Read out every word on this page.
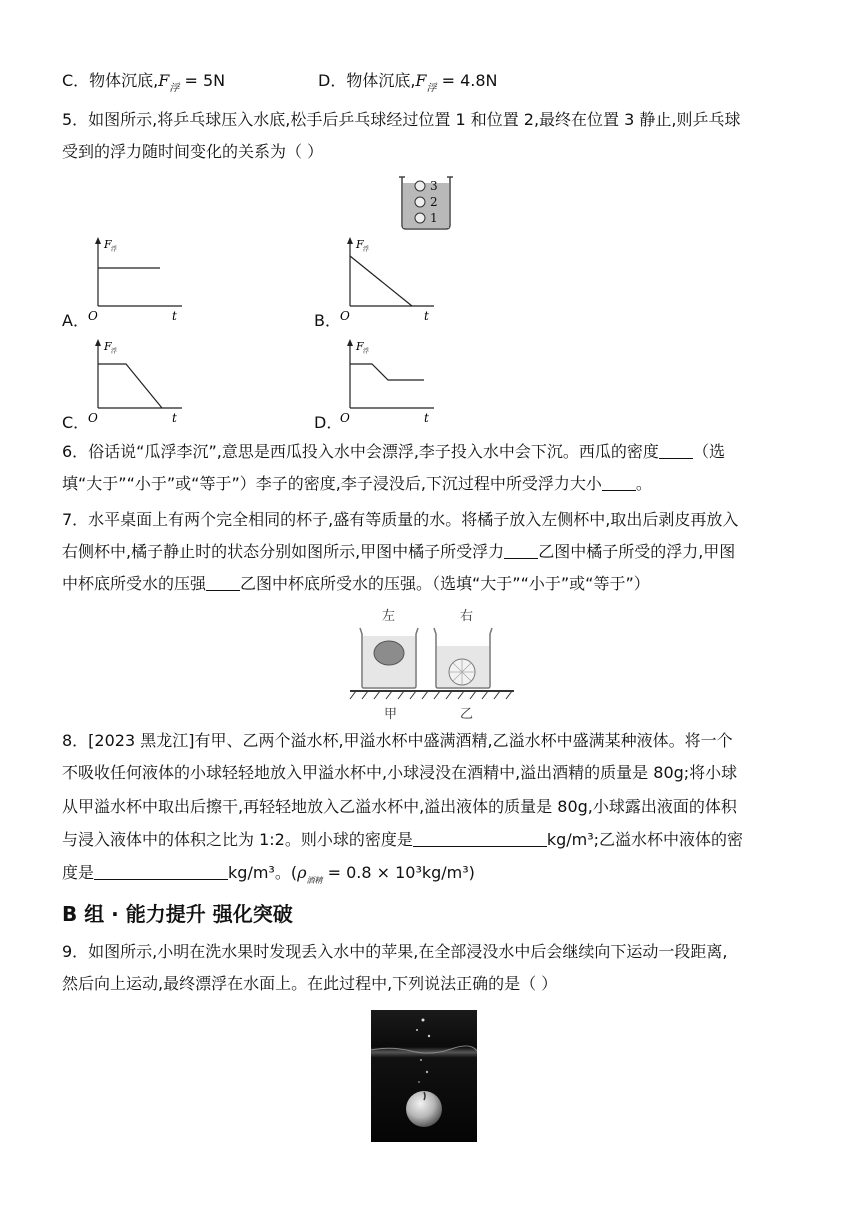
C．物体沉底$,F_浮 = 5N$	D．物体沉底$,F_浮 = 4.8N$
5．如图所示,将乒乓球压入水底,松手后乒乓球经过位置 1 和位置 2,最终在位置 3 静止,则乒乓球
受到的浮力随时间变化的关系为（ ）
3
2
1
A．	B．
C．	D．
F 浮
O	t
F 浮
O	t
F 浮
O	t
F 浮
O	t
6．俗话说“瓜浮李沉”,意思是西瓜投入水中会漂浮,李子投入水中会下沉。西瓜的密度 （选
填“大于”“小于”或“等于”）李子的密度,李子浸没后,下沉过程中所受浮力大小 。
7．水平桌面上有两个完全相同的杯子,盛有等质量的水。将橘子放入左侧杯中,取出后剥皮再放入
右侧杯中,橘子静止时的状态分别如图所示,甲图中橘子所受浮力 乙图中橘子所受的浮力,甲图
中杯底所受水的压强 乙图中杯底所受水的压强。（选填“大于”“小于”或“等于”）
左	右
甲	乙
8．[2023 黑龙江]有甲、乙两个溢水杯,甲溢水杯中盛满酒精,乙溢水杯中盛满某种液体。将一个
不吸收任何液体的小球轻轻地放入甲溢水杯中,小球浸没在酒精中,溢出酒精的质量是 80g;将小球
从甲溢水杯中取出后擦干,再轻轻地放入乙溢水杯中,溢出液体的质量是 80g,小球露出液面的体积
与浸入液体中的体积之比为 1:2。则小球的密度是	kg/m³;乙溢水杯中液体的密
度是	kg/m³。$(\rho_{酒精} = 0.8 \times 10^3kg/m^3)$
B 组 · 能力提升 强化突破
9．如图所示,小明在洗水果时发现丢入水中的苹果,在全部浸没水中后会继续向下运动一段距离,
然后向上运动,最终漂浮在水面上。在此过程中,下列说法正确的是（ ）
